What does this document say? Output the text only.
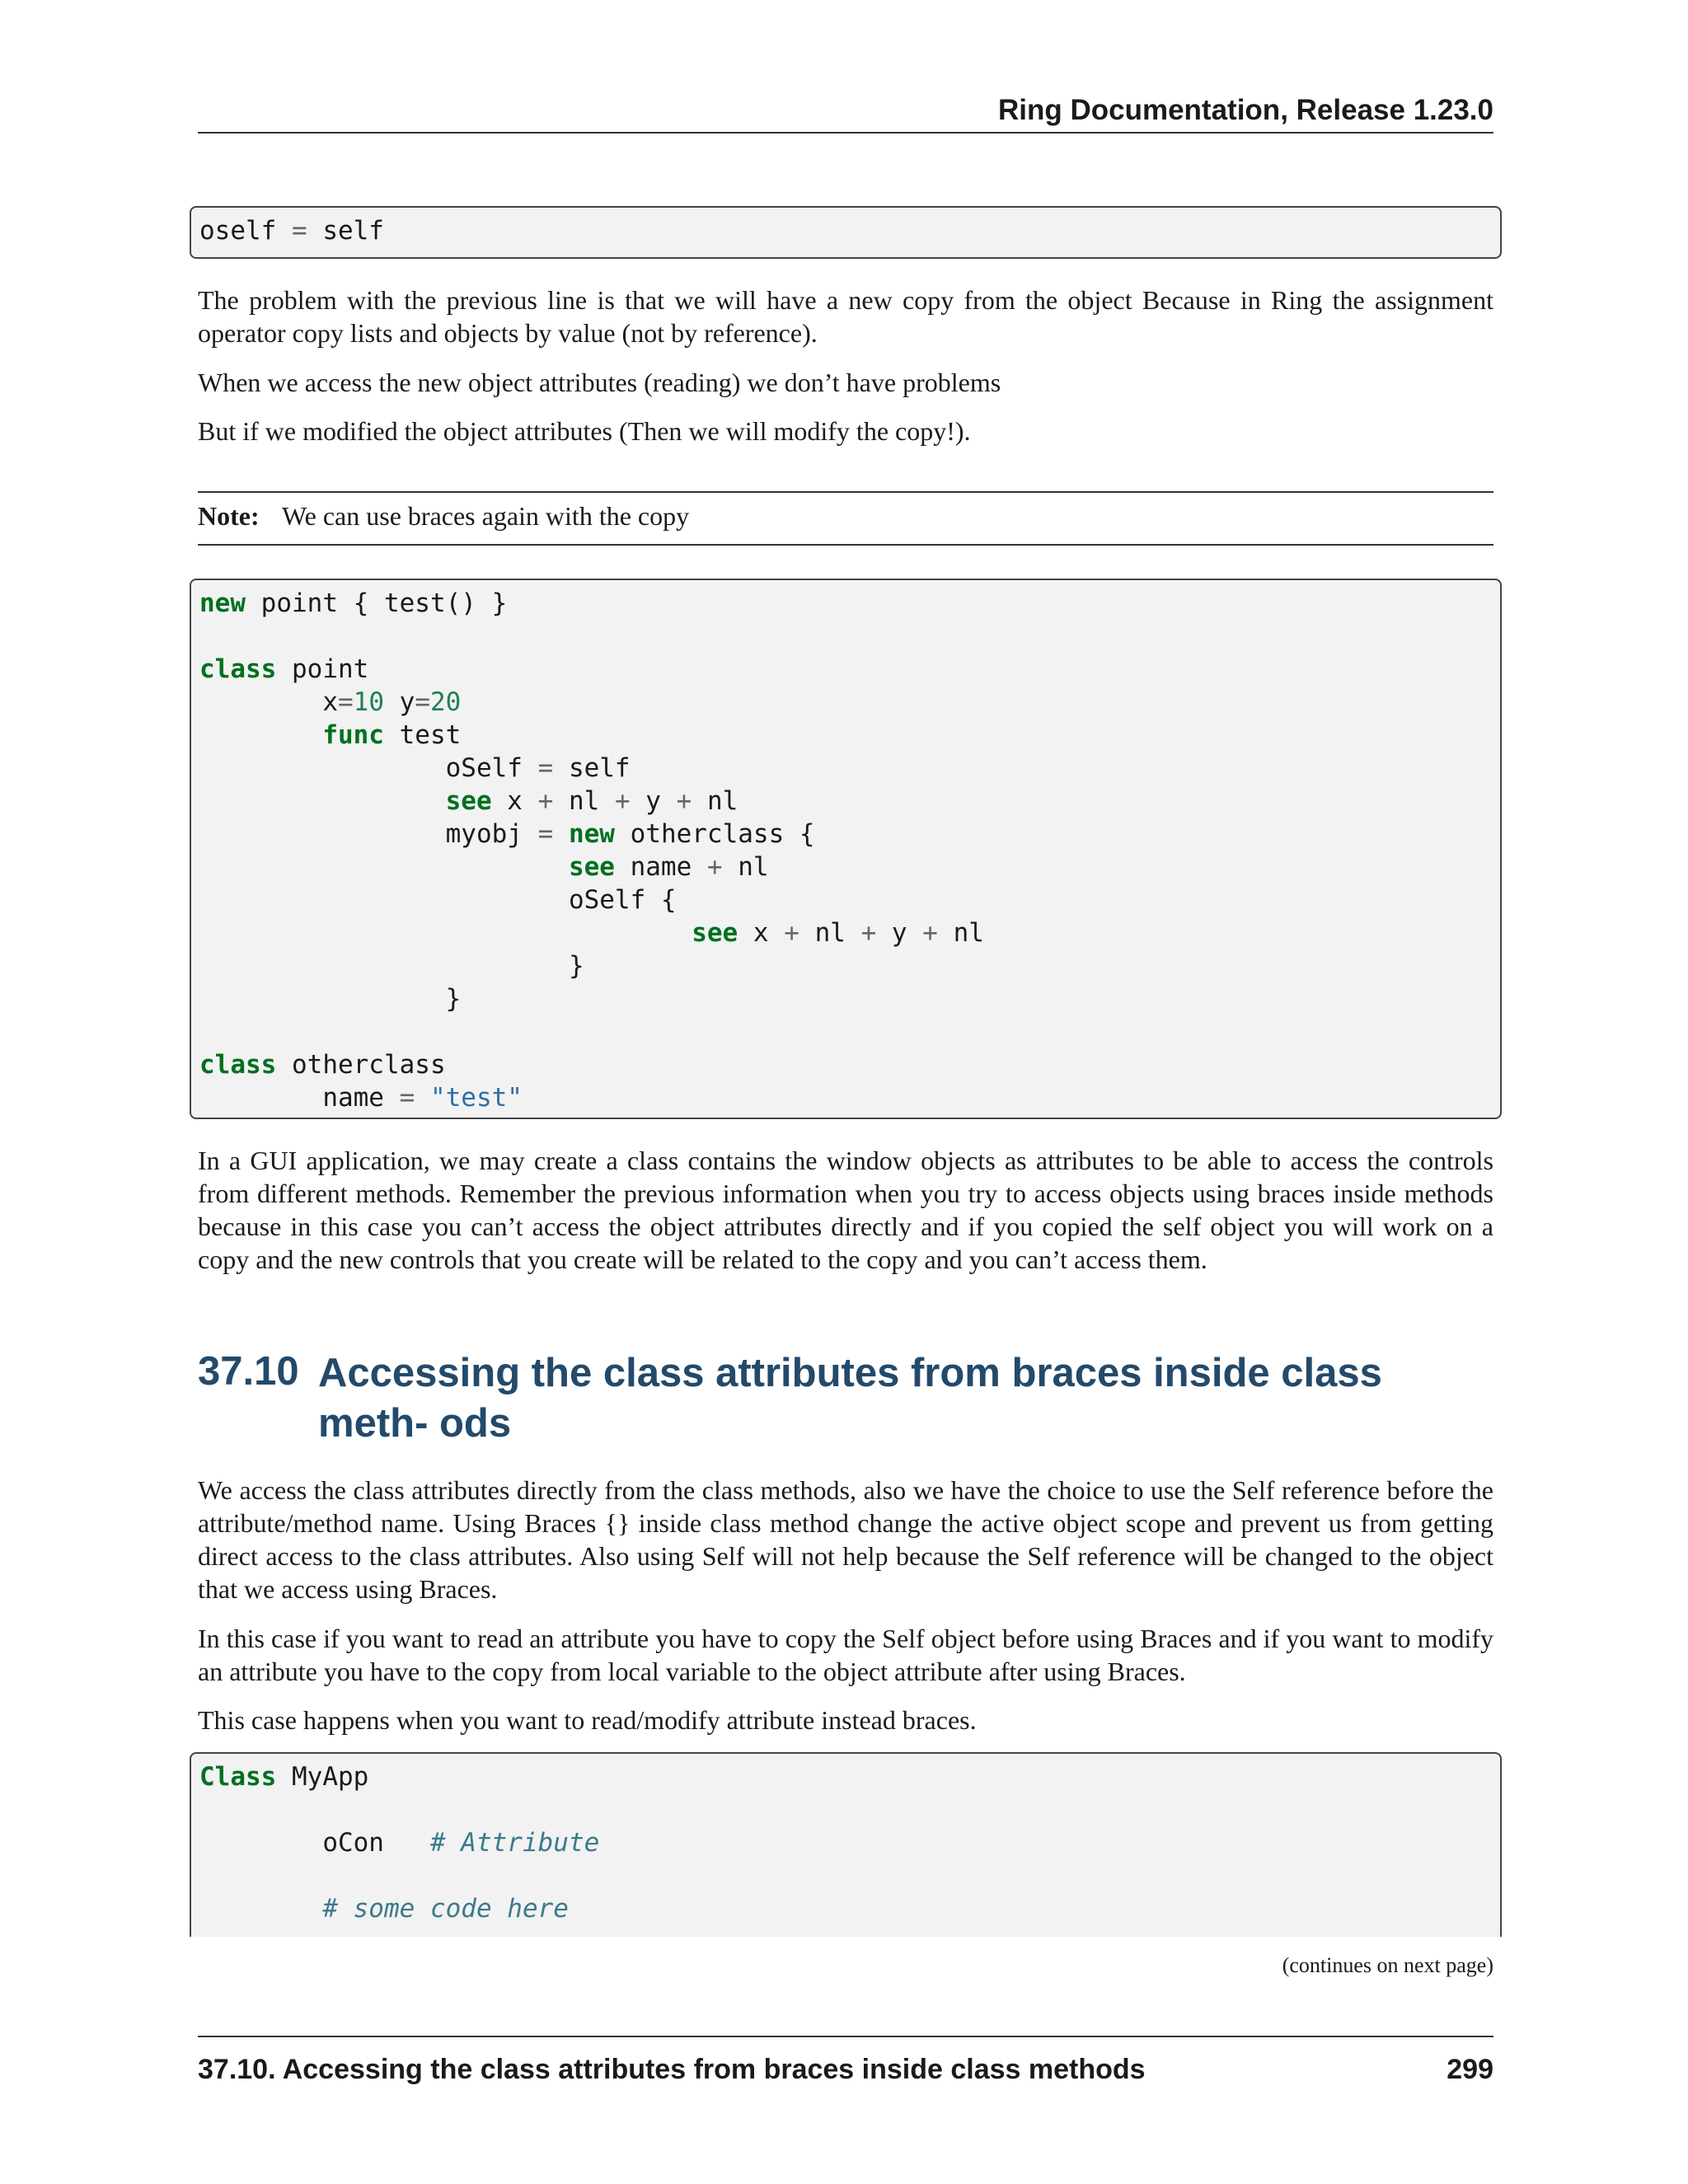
Ring Documentation, Release 1.23.0
oself = self

The problem with the previous line is that we will have a new copy from the object Because in Ring the assignment operator copy lists and objects by value (not by reference).

When we access the new object attributes (reading) we don’t have problems

But if we modified the object attributes (Then we will modify the copy!).

Note: We can use braces again with the copy
new point { test() }

class point
x=10 y=20
func test
oSelf = self
see x + nl + y + nl
myobj = new otherclass {
see name + nl
oSelf {
see x + nl + y + nl
}
}

class otherclass
name = "test"

In a GUI application, we may create a class contains the window objects as attributes to be able to access the controls from different methods. Remember the previous information when you try to access objects using braces inside methods because in this case you can’t access the object attributes directly and if you copied the self object you will work on a copy and the new controls that you create will be related to the copy and you can’t access them.

37.10 Accessing the class attributes from braces inside class meth- ods

We access the class attributes directly from the class methods, also we have the choice to use the Self reference before the attribute/method name. Using Braces {} inside class method change the active object scope and prevent us from getting direct access to the class attributes. Also using Self will not help because the Self reference will be changed to the object that we access using Braces.

In this case if you want to read an attribute you have to copy the Self object before using Braces and if you want to modify an attribute you have to the copy from local variable to the object attribute after using Braces.

This case happens when you want to read/modify attribute instead braces.

Class MyApp

oCon   # Attribute

# some code here
(continues on next page)
37.10. Accessing the class attributes from braces inside class methods	299
